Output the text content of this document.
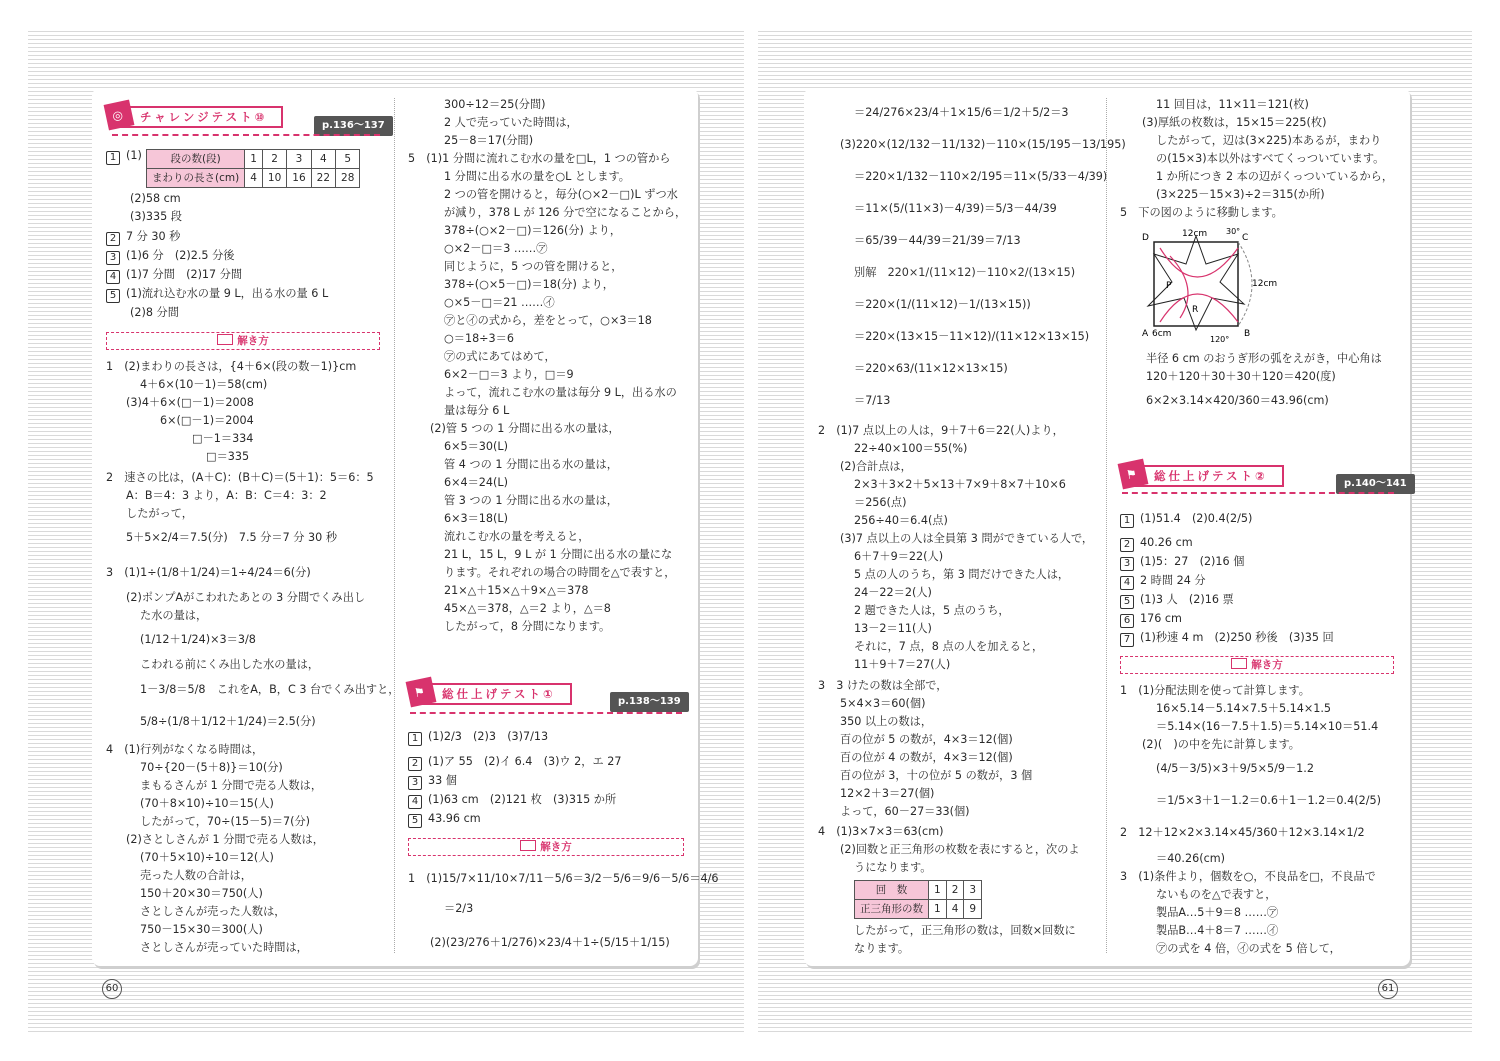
◎	チャレンジテスト⑩
p.136～137
1 (1)	段の数(段)	1	2	3	4	5
まわりの長さ(cm)	4	10	16	22	28
(2)58 cm
(3)335 段
2 7 分 30 秒
3 (1)6 分　(2)2.5 分後
4 (1)7 分間　(2)17 分間
5 (1)流れ込む水の量 9 L，出る水の量 6 L
(2)8 分間
解き方
1　(2)まわりの長さは，{4＋6×(段の数－1)}cm
4＋6×(10－1)＝58(cm)
(3)4＋6×(□－1)＝2008
6×(□－1)＝2004
□－1＝334
□＝335
2　速さの比は，(A＋C)：(B＋C)＝(5＋1)：5＝6：5
A：B＝4：3 より，A：B：C＝4：3：2
したがって，
5＋5×2/4＝7.5(分)　7.5 分＝7 分 30 秒
3　(1)1÷(1/8＋1/24)＝1÷4/24＝6(分)
(2)ポンプAがこわれたあとの 3 分間でくみ出し
た水の量は，
(1/12＋1/24)×3＝3/8
こわれる前にくみ出した水の量は，
1－3/8＝5/8　これをA，B，C 3 台でくみ出すと，
5/8÷(1/8＋1/12＋1/24)＝2.5(分)
4　(1)行列がなくなる時間は，
70÷{20－(5＋8)}＝10(分)
まもるさんが 1 分間で売る人数は，
(70＋8×10)÷10＝15(人)
したがって，70÷(15－5)＝7(分)
(2)さとしさんが 1 分間で売る人数は，
(70＋5×10)÷10＝12(人)
売った人数の合計は，
150＋20×30＝750(人)
さとしさんが売った人数は，
750－15×30＝300(人)
さとしさんが売っていた時間は，
300÷12＝25(分間)
2 人で売っていた時間は，
25－8＝17(分間)
5　(1)1 分間に流れこむ水の量を□L，1 つの管から
1 分間に出る水の量を○L とします。
2 つの管を開けると，毎分(○×2－□)L ずつ水
が減り，378 L が 126 分で空になることから，
378÷(○×2－□)＝126(分) より，
○×2－□＝3 ……㋐
同じように，5 つの管を開けると，
378÷(○×5－□)＝18(分) より，
○×5－□＝21 ……㋑
㋐と㋑の式から，差をとって，○×3＝18
○＝18÷3＝6
㋐の式にあてはめて，
6×2－□＝3 より，□＝9
よって，流れこむ水の量は毎分 9 L，出る水の
量は毎分 6 L
(2)管 5 つの 1 分間に出る水の量は，
6×5＝30(L)
管 4 つの 1 分間に出る水の量は，
6×4＝24(L)
管 3 つの 1 分間に出る水の量は，
6×3＝18(L)
流れこむ水の量を考えると，
21 L，15 L，9 L が 1 分間に出る水の量にな
ります。それぞれの場合の時間を△で表すと，
21×△＋15×△＋9×△＝378
45×△＝378，△＝2 より，△＝8
したがって，8 分間になります。
⚑	総仕上げテスト①
p.138～139
1 (1)2/3　(2)3　(3)7/13
2 (1)ア 55　(2)イ 6.4　(3)ウ 2，エ 27
3 33 個
4 (1)63 cm　(2)121 枚　(3)315 か所
5 43.96 cm
解き方
1　(1)15/7×11/10×7/11－5/6＝3/2－5/6＝9/6－5/6＝4/6
＝2/3
(2)(23/276＋1/276)×23/4＋1÷(5/15＋1/15)
60
＝24/276×23/4＋1×15/6＝1/2＋5/2＝3
(3)220×(12/132－11/132)－110×(15/195－13/195)
＝220×1/132－110×2/195＝11×(5/33－4/39)
＝11×(5/(11×3)－4/39)＝5/3－44/39
＝65/39－44/39＝21/39＝7/13
別解　220×1/(11×12)－110×2/(13×15)
＝220×(1/(11×12)－1/(13×15))
＝220×(13×15－11×12)/(11×12×13×15)
＝220×63/(11×12×13×15)
＝7/13
2　(1)7 点以上の人は，9＋7＋6＝22(人)より，
22÷40×100＝55(%)
(2)合計点は，
2×3＋3×2＋5×13＋7×9＋8×7＋10×6
＝256(点)
256÷40＝6.4(点)
(3)7 点以上の人は全員第 3 問ができている人で，
6＋7＋9＝22(人)
5 点の人のうち，第 3 問だけできた人は，
24－22＝2(人)
2 題できた人は，5 点のうち，
13－2＝11(人)
それに，7 点，8 点の人を加えると，
11＋9＋7＝27(人)
3　3 けたの数は全部で，
5×4×3＝60(個)
350 以上の数は，
百の位が 5 の数が，4×3＝12(個)
百の位が 4 の数が，4×3＝12(個)
百の位が 3，十の位が 5 の数が，3 個
12×2＋3＝27(個)
よって，60－27＝33(個)
4　(1)3×7×3＝63(cm)
(2)回数と正三角形の枚数を表にすると，次のよ
うになります。
回　数	1	2	3
正三角形の数	1	4	9
したがって，正三角形の数は，回数×回数に
なります。
11 回目は，11×11＝121(枚)
(3)厚紙の枚数は，15×15＝225(枚)
したがって，辺は(3×225)本あるが，まわり
の(15×3)本以外はすべてくっついています。
1 か所につき 2 本の辺がくっついているから，
(3×225－15×3)÷2＝315(か所)
5　下の図のように移動します。
D	C
A	B
P
R
12cm
12cm
6cm
30°
120°
半径 6 cm のおうぎ形の弧をえがき，中心角は
120＋120＋30＋30＋120＝420(度)
6×2×3.14×420/360＝43.96(cm)
⚑	総仕上げテスト②
p.140～141
1 (1)51.4　(2)0.4(2/5)
2 40.26 cm
3 (1)5：27　(2)16 個
4 2 時間 24 分
5 (1)3 人　(2)16 票
6 176 cm
7 (1)秒速 4 m　(2)250 秒後　(3)35 回
解き方
1　(1)分配法則を使って計算します。
16×5.14－5.14×7.5＋5.14×1.5
＝5.14×(16－7.5＋1.5)＝5.14×10＝51.4
(2)(　)の中を先に計算します。
(4/5－3/5)×3＋9/5×5/9－1.2
＝1/5×3＋1－1.2＝0.6＋1－1.2＝0.4(2/5)
2　12＋12×2×3.14×45/360＋12×3.14×1/2
＝40.26(cm)
3　(1)条件より，個数を○，不良品を□，不良品で
ないものを△で表すと，
製品A…5＋9＝8 ……㋐
製品B…4＋8＝7 ……㋑
㋐の式を 4 倍，㋑の式を 5 倍して，
61
